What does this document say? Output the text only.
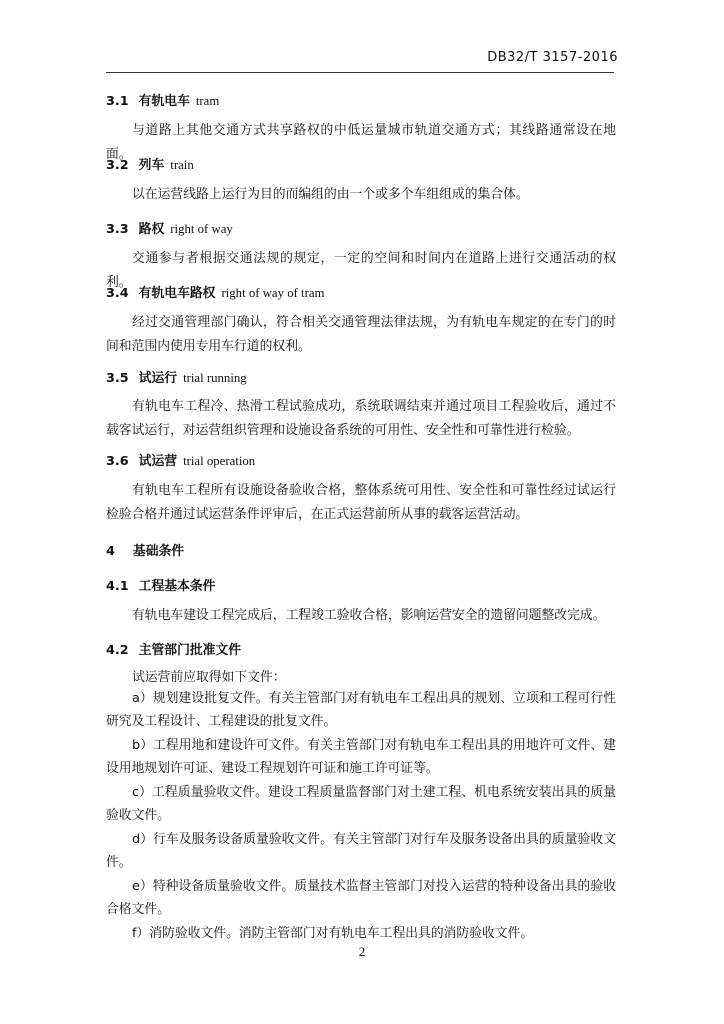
DB32/T 3157-2016
3.1 有轨电车 tram
与道路上其他交通方式共享路权的中低运量城市轨道交通方式；其线路通常设在地面。
3.2 列车 train
以在运营线路上运行为目的而编组的由一个或多个车组组成的集合体。
3.3 路权 right of way
交通参与者根据交通法规的规定，一定的空间和时间内在道路上进行交通活动的权利。
3.4 有轨电车路权 right of way of tram
经过交通管理部门确认，符合相关交通管理法律法规，为有轨电车规定的在专门的时间和范围内使用专用车行道的权利。
3.5 试运行 trial running
有轨电车工程冷、热滑工程试验成功，系统联调结束并通过项目工程验收后，通过不载客试运行，对运营组织管理和设施设备系统的可用性、安全性和可靠性进行检验。
3.6 试运营 trial operation
有轨电车工程所有设施设备验收合格，整体系统可用性、安全性和可靠性经过试运行检验合格并通过试运营条件评审后，在正式运营前所从事的载客运营活动。
4 基础条件
4.1 工程基本条件
有轨电车建设工程完成后，工程竣工验收合格，影响运营安全的遗留问题整改完成。
4.2 主管部门批准文件
试运营前应取得如下文件：
a）规划建设批复文件。有关主管部门对有轨电车工程出具的规划、立项和工程可行性研究及工程设计、工程建设的批复文件。
b）工程用地和建设许可文件。有关主管部门对有轨电车工程出具的用地许可文件、建设用地规划许可证、建设工程规划许可证和施工许可证等。
c）工程质量验收文件。建设工程质量监督部门对土建工程、机电系统安装出具的质量验收文件。
d）行车及服务设备质量验收文件。有关主管部门对行车及服务设备出具的质量验收文件。
e）特种设备质量验收文件。质量技术监督主管部门对投入运营的特种设备出具的验收合格文件。
f）消防验收文件。消防主管部门对有轨电车工程出具的消防验收文件。
2
